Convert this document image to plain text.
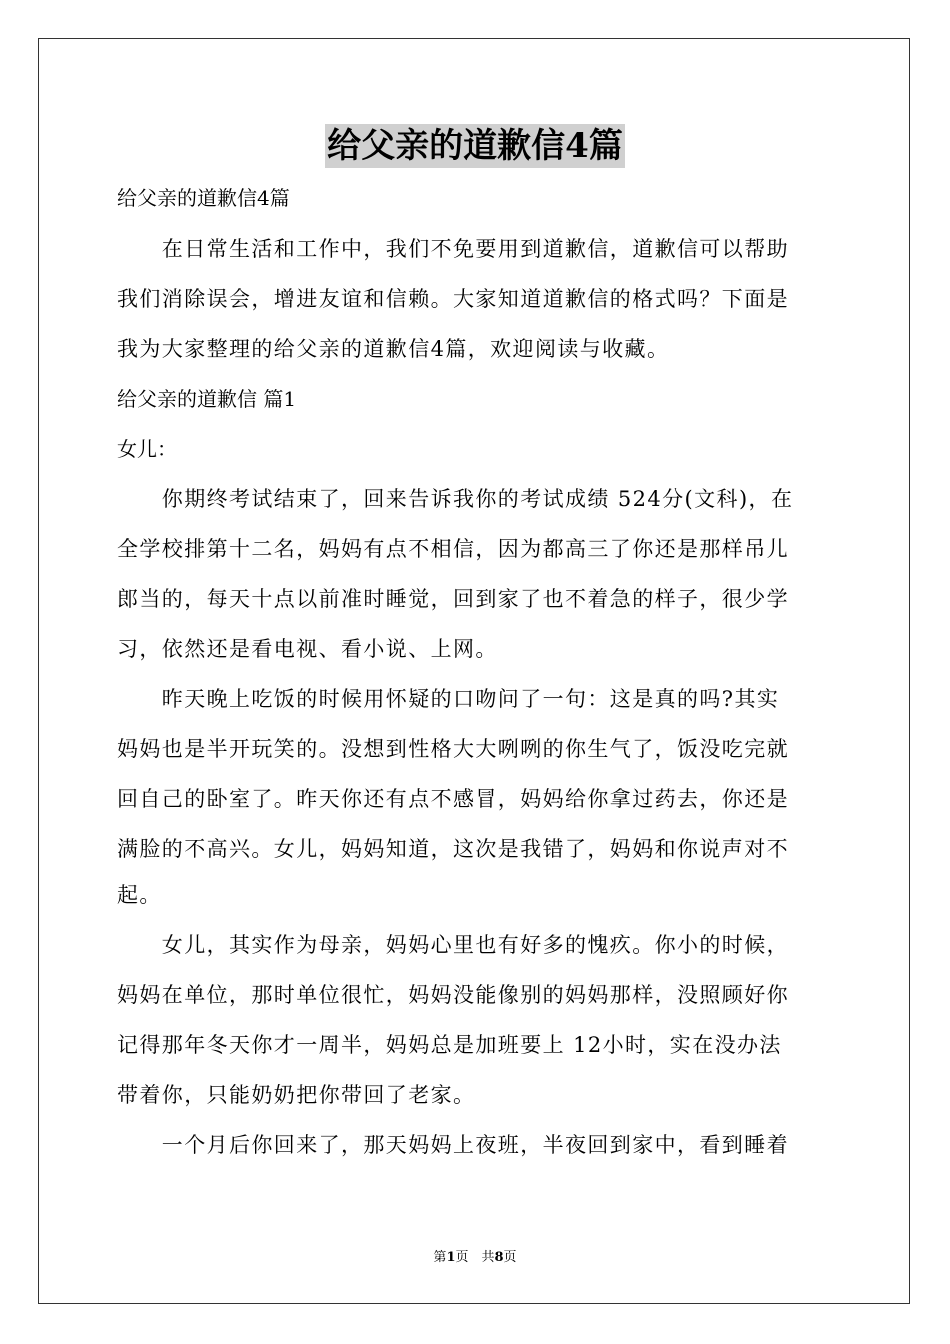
给父亲的道歉信4篇
给父亲的道歉信4篇
　　在日常生活和工作中，我们不免要用到道歉信，道歉信可以帮助
我们消除误会，增进友谊和信赖。大家知道道歉信的格式吗？下面是
我为大家整理的给父亲的道歉信4篇，欢迎阅读与收藏。
给父亲的道歉信 篇1
女儿：
　　你期终考试结束了，回来告诉我你的考试成绩 524分(文科)，在
全学校排第十二名，妈妈有点不相信，因为都高三了你还是那样吊儿
郎当的，每天十点以前准时睡觉，回到家了也不着急的样子，很少学
习，依然还是看电视、看小说、上网。
　　昨天晚上吃饭的时候用怀疑的口吻问了一句：这是真的吗?其实
妈妈也是半开玩笑的。没想到性格大大咧咧的你生气了，饭没吃完就
回自己的卧室了。昨天你还有点不感冒，妈妈给你拿过药去，你还是
满脸的不高兴。女儿，妈妈知道，这次是我错了，妈妈和你说声对不
起。
　　女儿，其实作为母亲，妈妈心里也有好多的愧疚。你小的时候，
妈妈在单位，那时单位很忙，妈妈没能像别的妈妈那样，没照顾好你
记得那年冬天你才一周半，妈妈总是加班要上 12小时，实在没办法
带着你，只能奶奶把你带回了老家。
　　一个月后你回来了，那天妈妈上夜班，半夜回到家中，看到睡着
第1页　共8页
